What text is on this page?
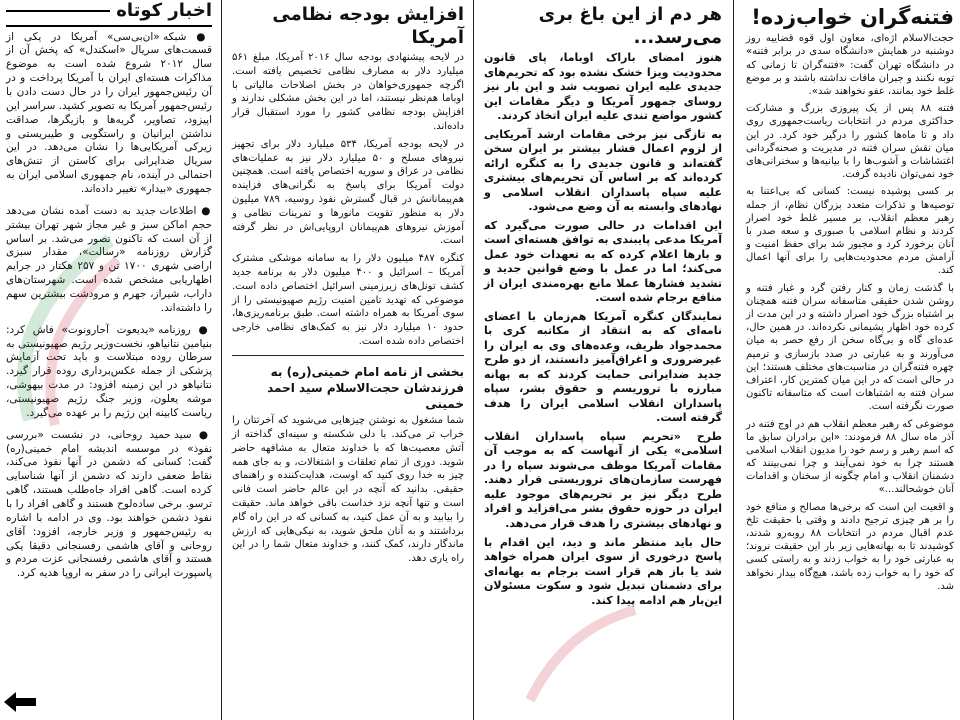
فتنه‌گران خواب‌زده!

حجت‌الاسلام اژه‌ای، معاون اول قوه قضاییه روز دوشنبه در همایش «دانشگاه سدی در برابر فتنه» در دانشگاه تهران گفت: «فتنه‌گران تا زمانی که توبه نکنند و جبران مافات نداشته باشند و بر موضع غلط خود بمانند، عفو نخواهند شد».

فتنه ۸۸ پس از یک پیروزی بزرگ و مشارکت حداکثری مردم در انتخابات ریاست‌جمهوری روی داد و تا ماه‌ها کشور را درگیر خود کرد. در این میان نقش سران فتنه در مدیریت و صحنه‌گردانی اغتشاشات و آشوب‌ها را با بیانیه‌ها و سخنرانی‌های خود نمی‌توان نادیده گرفت.

بر کسی پوشیده نیست: کسانی که بی‌اعتنا به توصیه‌ها و تذکرات متعدد بزرگان نظام، از جمله رهبر معظم انقلاب، بر مسیر غلط خود اصرار کردند و نظام اسلامی با صبوری و سعه صدر با آنان برخورد کرد و مجبور شد برای حفظ امنیت و آرامش مردم محدودیت‌هایی را برای آنها اعمال کند.

با گذشت زمان و کنار رفتن گرد و غبار فتنه و روشن شدن حقیقی متاسفانه سران فتنه همچنان بر اشتباه بزرگ خود اصرار داشته و در این مدت از کرده خود اظهار پشیمانی نکرده‌اند. در همین حال، عده‌ای گاه و بی‌گاه سخن از رفع حصر به میان می‌آورند و به عبارتی در صدد بازسازی و ترمیم چهره فتنه‌گران در مناسبت‌های مختلف هستند؛ این در حالی است که در این میان کمترین کار، اعتراف سران فتنه به اشتباهات است که متاسفانه تاکنون صورت نگرفته است.

موضوعی که رهبر معظم انقلاب هم در اوج فتنه در آذر ماه سال ۸۸ فرمودند: «این برادران سابق ما که اسم رهبر و رسم خود را مدیون انقلاب اسلامی هستند چرا به خود نمی‌آیند و چرا نمی‌بینند که دشمنان انقلاب و امام چگونه از سخنان و اقدامات آنان خوشحالند...»

و اقعیت این است که برخی‌ها مصالح و منافع خود را بر هر چیزی ترجیح دادند و وقتی با حقیقت تلخ عدم اقبال مردم در انتخابات ۸۸ روبه‌رو شدند، کوشیدند تا به بهانه‌هایی زیر بار این حقیقت نروند؛ به عبارتی خود را به خواب زدند و به راستی کسی که خود را به خواب زده باشد، هیچ‌گاه بیدار نخواهد شد.

هر دم از این باغ بری می‌رسد...

هنوز امضای باراک اوباما، پای قانون محدودیت ویزا خشک نشده بود که تحریم‌های جدیدی علیه ایران تصویب شد و این بار نیز روسای جمهور آمریکا و دیگر مقامات این کشور مواضع تندی علیه ایران اتخاذ کردند.

به تازگی نیز برخی مقامات ارشد آمریکایی از لزوم اعمال فشار بیشتر بر ایران سخن گفته‌اند و قانون جدیدی را به کنگره ارائه کرده‌اند که بر اساس آن تحریم‌های بیشتری علیه سپاه پاسداران انقلاب اسلامی و نهادهای وابسته به آن وضع می‌شود.

این اقدامات در حالی صورت می‌گیرد که آمریکا مدعی پایبندی به توافق هسته‌ای است و بارها اعلام کرده که به تعهدات خود عمل می‌کند؛ اما در عمل با وضع قوانین جدید و تشدید فشارها عملا مانع بهره‌مندی ایران از منافع برجام شده است.

نمایندگان کنگره آمریکا هم‌زمان با اعضای نامه‌ای که به انتقاد از مکاتبه کری با محمدجواد ظریف، وعده‌های وی به ایران را غیرضروری و اغراق‌آمیز دانستند، از دو طرح جدید ضدایرانی حمایت کردند که به بهانه مبارزه با تروریسم و حقوق بشر، سپاه پاسداران انقلاب اسلامی ایران را هدف گرفته است.

طرح «تحریم سپاه پاسداران انقلاب اسلامی» یکی از آنهاست که به موجب آن مقامات آمریکا موظف می‌شوند سپاه را در فهرست سازمان‌های تروریستی قرار دهند. طرح دیگر نیز بر تحریم‌های موجود علیه ایران در حوزه حقوق بشر می‌افزاید و افراد و نهادهای بیشتری را هدف قرار می‌دهد.

حال باید منتظر ماند و دید، این اقدام با پاسخ درخوری از سوی ایران همراه خواهد شد یا باز هم قرار است برجام به بهانه‌ای برای دشمنان تبدیل شود و سکوت مسئولان این‌بار هم ادامه پیدا کند.

افزایش بودجه نظامی آمریکا

در لایحه پیشنهادی بودجه سال ۲۰۱۶ آمریکا، مبلغ ۵۶۱ میلیارد دلار به مصارف نظامی تخصیص یافته است. اگرچه جمهوری‌خواهان در بخش اصلاحات مالیاتی با اوباما هم‌نظر نیستند، اما در این بخش مشکلی ندارند و افزایش بودجه نظامی کشور را مورد استقبال قرار داده‌اند.

در لایحه بودجه آمریکا، ۵۳۴ میلیارد دلار برای تجهیز نیروهای مسلح و ۵۰ میلیارد دلار نیز به عملیات‌های نظامی در عراق و سوریه اختصاص یافته است. همچنین دولت آمریکا برای پاسخ به نگرانی‌های فزاینده هم‌پیمانانش در قبال گسترش نفوذ روسیه، ۷۸۹ میلیون دلار به منظور تقویت مانورها و تمرینات نظامی و آموزش نیروهای هم‌پیمانان اروپایی‌اش در نظر گرفته است.

کنگره ۴۸۷ میلیون دلار را به سامانه موشکی مشترک آمریکا – اسرائیل و ۴۰۰ میلیون دلار به برنامه جدید کشف تونل‌های زیرزمینی اسرائیل اختصاص داده است. موضوعی که تهدید تامین امنیت رژیم صهیونیستی را از سوی آمریکا به همراه داشته است. طبق برنامه‌ریزی‌ها، حدود ۱۰ میلیارد دلار نیز به کمک‌های نظامی خارجی اختصاص داده شده است.

بخشی از نامه امام خمینی(ره) به فرزندشان حجت‌الاسلام سید احمد خمینی

شما مشغول به نوشتن چیزهایی می‌شوید که آخرتتان را خراب تر می‌کند. با دلی شکسته و سینه‌ای گداخته از آتش معصیت‌ها که با خداوند متعال به مشافهه حاضر شوید. دوری از تمام تعلقات و اشتغالات، و به جای همه چیز به خدا روی کنید که اوست، هدایت‌کننده و راهنمای حقیقی. بدانید که آنچه در این عالم حاضر است فانی است و تنها آنچه نزد خداست باقی خواهد ماند. حقیقت را بیابید و به آن عمل کنید، به کسانی که در این راه گام برداشتند و به آنان ملحق شوید، به نیکی‌هایی که ارزش ماندگار دارند، کمک کنند، و خداوند متعال شما را در این راه یاری دهد.

اخبار کوتاه

● شبکه «ان‌بی‌سی» آمریکا در یکی از قسمت‌های سریال «اسکندل» که پخش آن از سال ۲۰۱۲ شروع شده است به موضوع مذاکرات هسته‌ای ایران با آمریکا پرداخت و در آن رئیس‌جمهور ایران را در حال دست دادن با رئیس‌جمهور آمریکا به تصویر کشید. سراسر این اپیزود، تصاویر، گریه‌ها و بازیگرها، صداقت نداشتن ایرانیان و راستگویی و طیبریستی و زیرکی آمریکایی‌ها را نشان می‌دهد. در این سریال ضدایرانی برای کاستن از تنش‌های احتمالی در آینده، نام جمهوری اسلامی ایران به جمهوری «بیدار» تغییر داده‌اند.

● اطلاعات جدید به دست آمده نشان می‌دهد حجم اماکن سبز و غیر مجاز شهر تهران بیشتر از آن است که تاکنون تصور می‌شد. بر اساس گزارش روزنامه «رسالت»، مقدار سبزی اراضی شهری ۱۷۰۰ تن و ۲۵۷ هکتار در جرایم اظهاریابی مشخص شده است. شهرستان‌های داراب، شیراز، جهرم و مرودشت بیشترین سهم را داشته‌اند.

● روزنامه «یدیعوت آحارونوت» فاش کرد: بنیامین نتانیاهو، نخست‌وزیر رژیم صهیونیستی به سرطان روده مبتلاست و باید تحت آزمایش پزشکی از جمله عکس‌برداری روده قرار گیرد. نتانیاهو در این زمینه افزود: در مدت بیهوشی، موشه یعلون، وزیر جنگ رژیم صهیونیستی، ریاست کابینه این رژیم را بر عهده می‌گیرد.

● سید حمید روحانی، در نشست «بررسی نفوذ» در موسسه اندیشه امام خمینی(ره) گفت: کسانی که دشمن در آنها نفوذ می‌کند، نقاط ضعفی دارند که دشمن از آنها شناسایی کرده است. گاهی افراد جاه‌طلب هستند، گاهی ترسو. برخی ساده‌لوح هستند و گاهی افراد را با نفوذ دشمن خواهند بود. وی در ادامه با اشاره به رئیس‌جمهور و وزیر خارجه، افزود: آقای روحانی و آقای هاشمی رفسنجانی دقیقا یکی هستند و آقای هاشمی رفسنجانی عزت مردم و پاسپورت ایرانی را در سفر به اروپا هدیه کرد.
